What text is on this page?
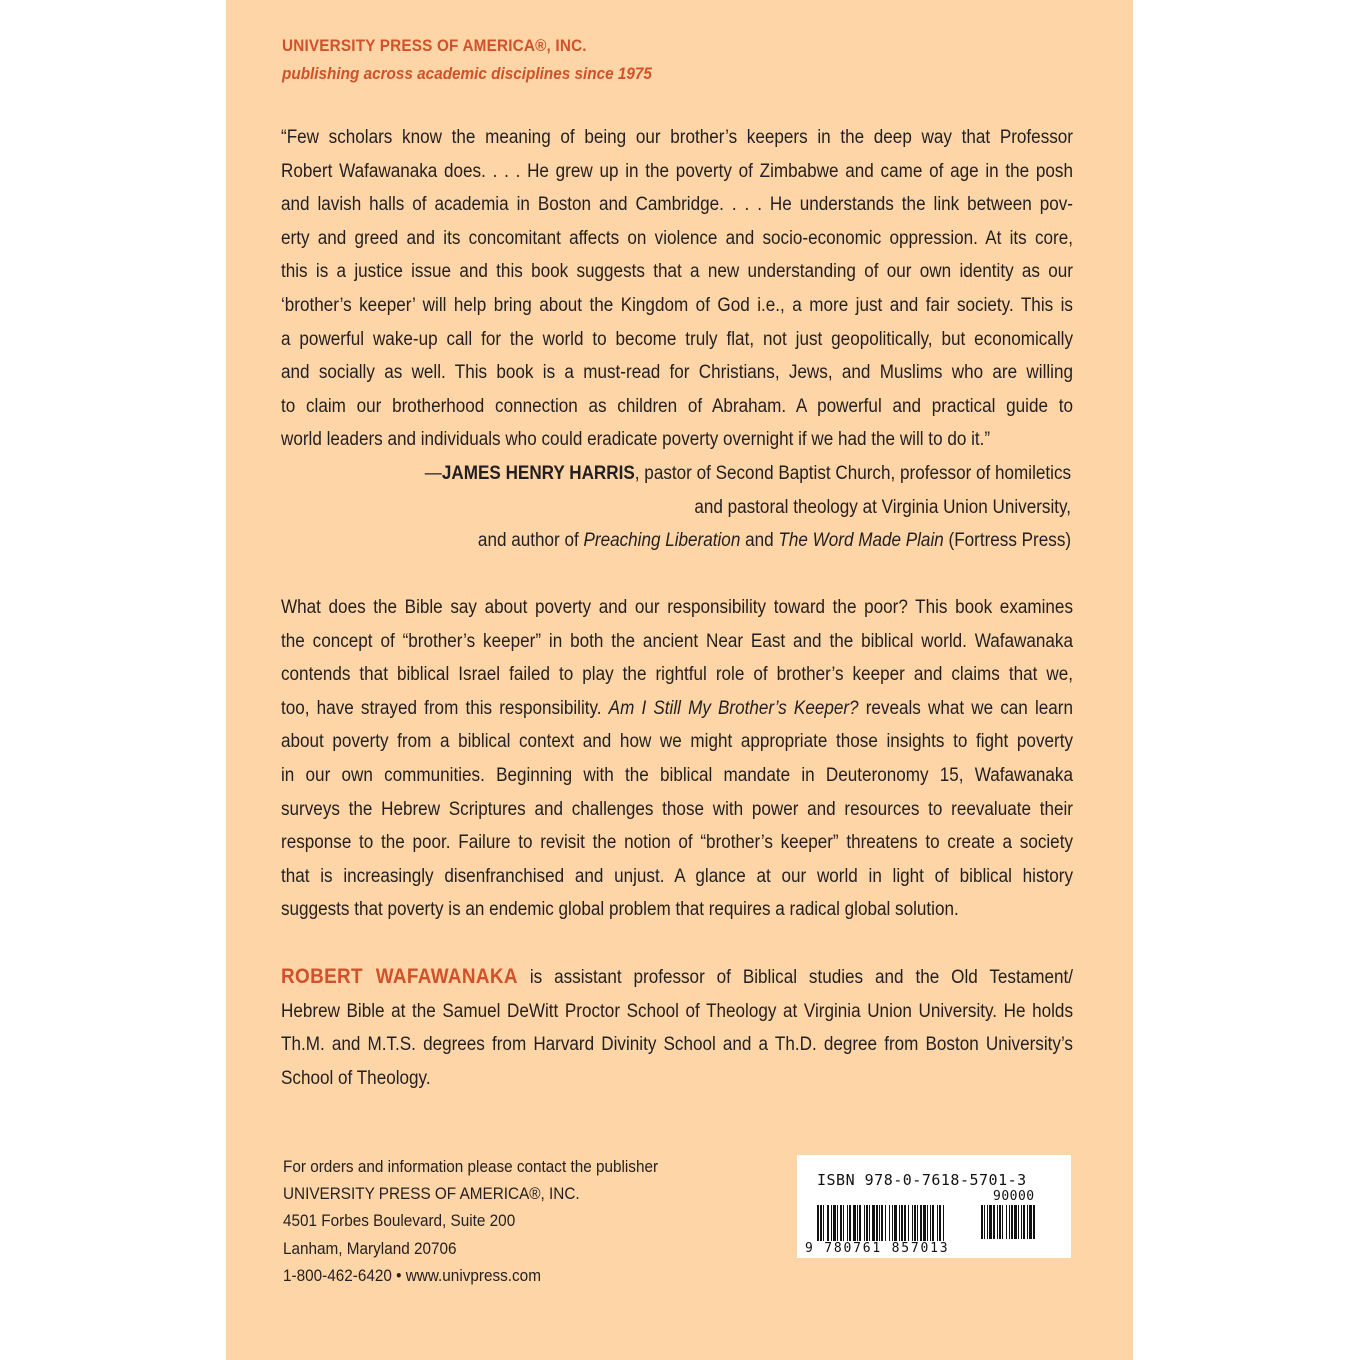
UNIVERSITY PRESS OF AMERICA®, INC.
publishing across academic disciplines since 1975
“Few scholars know the meaning of being our brother’s keepers in the deep way that Professor
Robert Wafawanaka does. . . . He grew up in the poverty of Zimbabwe and came of age in the posh
and lavish halls of academia in Boston and Cambridge. . . . He understands the link between pov-
erty and greed and its concomitant affects on violence and socio-economic oppression. At its core,
this is a justice issue and this book suggests that a new understanding of our own identity as our
‘brother’s keeper’ will help bring about the Kingdom of God i.e., a more just and fair society. This is
a powerful wake-up call for the world to become truly flat, not just geopolitically, but economically
and socially as well. This book is a must-read for Christians, Jews, and Muslims who are willing
to claim our brotherhood connection as children of Abraham. A powerful and practical guide to
world leaders and individuals who could eradicate poverty overnight if we had the will to do it.”
—JAMES HENRY HARRIS, pastor of Second Baptist Church, professor of homiletics
and pastoral theology at Virginia Union University,
and author of Preaching Liberation and The Word Made Plain (Fortress Press)
What does the Bible say about poverty and our responsibility toward the poor? This book examines
the concept of “brother’s keeper” in both the ancient Near East and the biblical world. Wafawanaka
contends that biblical Israel failed to play the rightful role of brother’s keeper and claims that we,
too, have strayed from this responsibility. Am I Still My Brother’s Keeper? reveals what we can learn
about poverty from a biblical context and how we might appropriate those insights to fight poverty
in our own communities. Beginning with the biblical mandate in Deuteronomy 15, Wafawanaka
surveys the Hebrew Scriptures and challenges those with power and resources to reevaluate their
response to the poor. Failure to revisit the notion of “brother’s keeper” threatens to create a society
that is increasingly disenfranchised and unjust. A glance at our world in light of biblical history
suggests that poverty is an endemic global problem that requires a radical global solution.
ROBERT WAFAWANAKA is assistant professor of Biblical studies and the Old Testament/
Hebrew Bible at the Samuel DeWitt Proctor School of Theology at Virginia Union University. He holds
Th.M. and M.T.S. degrees from Harvard Divinity School and a Th.D. degree from Boston University’s
School of Theology.
For orders and information please contact the publisher
UNIVERSITY PRESS OF AMERICA®, INC.
4501 Forbes Boulevard, Suite 200
Lanham, Maryland 20706
1-800-462-6420 • www.univpress.com
ISBN 978-0-7618-5701-3
90000
9 780761 857013
